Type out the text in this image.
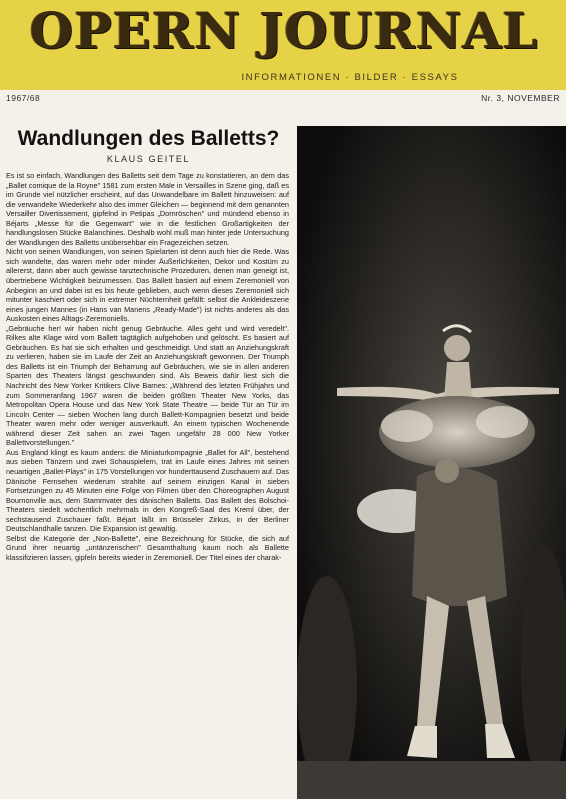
OPERN JOURNAL
INFORMATIONEN · BILDER · ESSAYS
1967/68	Nr. 3, NOVEMBER
Wandlungen des Balletts?
KLAUS GEITEL

Es ist so einfach, Wandlungen des Balletts seit dem Tage zu konstatieren, an dem das „Ballet comique de la Royne" 1581 zum ersten Male in Versailles in Szene ging, daß es im Grunde viel nützlicher erscheint, auf das Unwandelbare im Ballett hinzuweisen: auf die verwandelte Wiederkehr also des immer Gleichen — beginnend mit dem genannten Versailler Divertissement, gipfelnd in Petipas „Dornröschen" und mündend ebenso in Béjarts „Messe für die Gegenwart" wie in die festlichen Großartigkeiten der handlungslosen Stücke Balanchines. Deshalb wohl muß man hinter jede Untersuchung der Wandlungen des Balletts unübersehbar ein Fragezeichen setzen.

Nicht von seinen Wandlungen, von seinen Spielarten ist denn auch hier die Rede. Was sich wandelte, das waren mehr oder minder Äußerlichkeiten, Dekor und Kostüm zu allererst, dann aber auch gewisse tanztechnische Prozeduren, denen man geneigt ist, übertriebene Wichtigkeit beizumessen. Das Ballett basiert auf einem Zeremoniell von Anbeginn an und dabei ist es bis heute geblieben, auch wenn dieses Zeremoniell sich mitunter kaschiert oder sich in extremer Nüchternheit gefällt: selbst die Ankleideszene eines jungen Mannes (in Hans van Manens „Ready-Made") ist nichts anderes als das Auskosten eines Alltags-Zeremoniells.

„Gebräuche her! wir haben nicht genug Gebräuche. Alles geht und wird veredelt". Rilkes alte Klage wird vom Ballett tagtäglich aufgehoben und gelöscht. Es basiert auf Gebräuchen. Es hat sie sich erhalten und geschmeidigt. Und statt an Anziehungskraft zu verlieren, haben sie im Laufe der Zeit an Anziehungskraft gewonnen. Der Triumph des Balletts ist ein Triumph der Beharrung auf Gebräuchen, wie sie in allen anderen Sparten des Theaters längst geschwunden sind. Als Beweis dafür liest sich die Nachricht des New Yorker Kritikers Clive Barnes: „Während des letzten Frühjahrs und zum Sommeranfang 1967 waren die beiden größten Theater New Yorks, das Metropolitan Opera House und das New York State Theatre — beide Tür an Tür im Lincoln Center — sieben Wochen lang durch Ballett-Kompagnien besetzt und beide Theater waren mehr oder weniger ausverkauft. An einem typischen Wochenende während dieser Zeit sahen an zwei Tagen ungefähr 28 000 New Yorker Ballettvorstellungen."

Aus England klingt es kaum anders: die Miniaturkompagnie „Ballet for All", bestehend aus sieben Tänzern und zwei Schauspielern, trat im Laufe eines Jahres mit seinen neuartigen „Ballet-Plays" in 175 Vorstellungen vor hunderttausend Zuschauern auf. Das Dänische Fernsehen wiederum strahlte auf seinem einzigen Kanal in sieben Fortsetzungen zu 45 Minuten eine Folge von Filmen über den Choreographen August Bournonville aus, dem Stammvater des dänischen Balletts. Das Ballett des Bolschoi-Theaters siedelt wöchentlich mehrmals in den Kongreß-Saal des Kreml über, der sechstausend Zuschauer faßt. Béjart läßt im Brüsseler Zirkus, in der Berliner Deutschlandhalle tanzen. Die Expansion ist gewaltig.

Selbst die Kategorie der „Non-Ballette", eine Bezeichnung für Stücke, die sich auf Grund ihrer neuartig „untänzerischen" Gesamthaltung kaum noch als Ballette klassifizieren lassen, gipfeln bereits wieder in Zeremoniell. Der Titel eines der charak-
